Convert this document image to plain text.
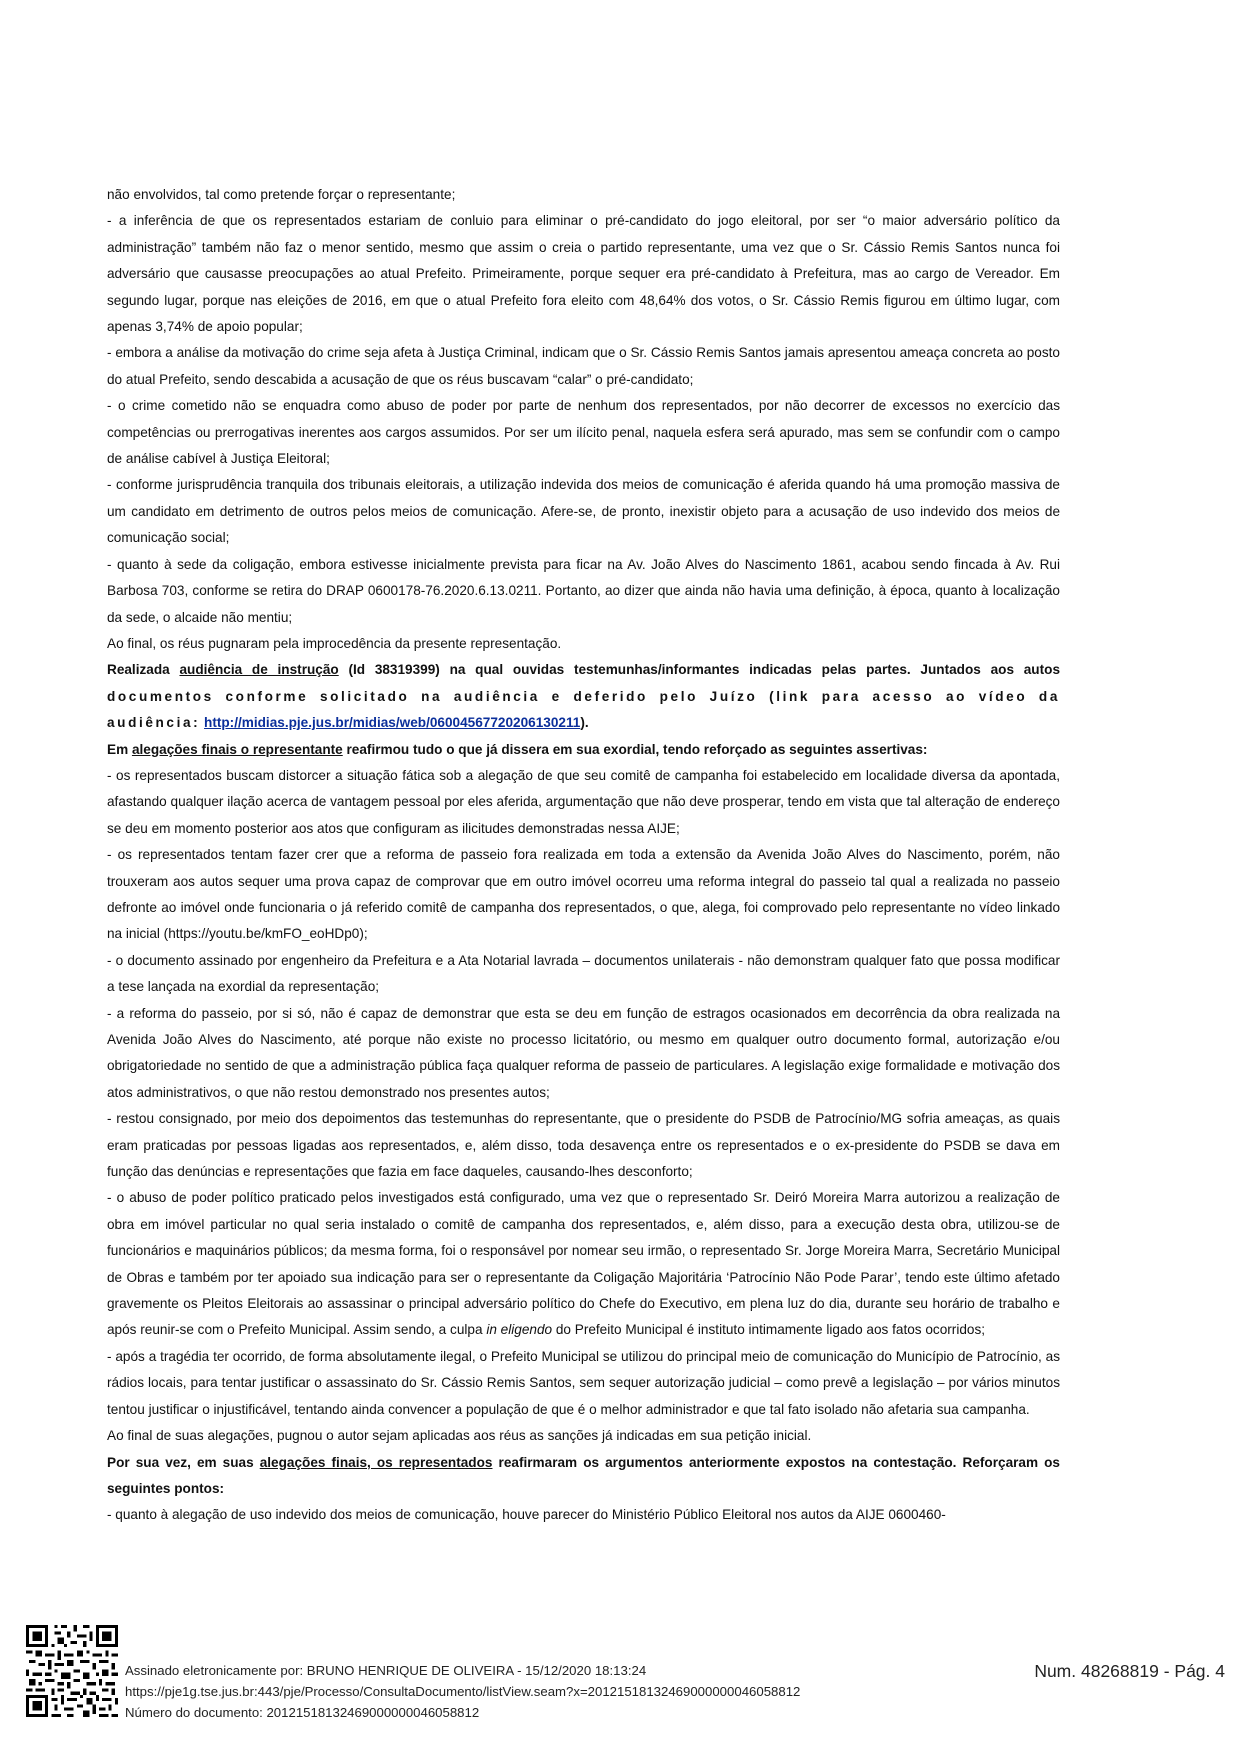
não envolvidos, tal como pretende forçar o representante;

- a inferência de que os representados estariam de conluio para eliminar o pré-candidato do jogo eleitoral, por ser “o maior adversário político da administração” também não faz o menor sentido, mesmo que assim o creia o partido representante, uma vez que o Sr. Cássio Remis Santos nunca foi adversário que causasse preocupações ao atual Prefeito. Primeiramente, porque sequer era pré-candidato à Prefeitura, mas ao cargo de Vereador. Em segundo lugar, porque nas eleições de 2016, em que o atual Prefeito fora eleito com 48,64% dos votos, o Sr. Cássio Remis figurou em último lugar, com apenas 3,74% de apoio popular;

- embora a análise da motivação do crime seja afeta à Justiça Criminal, indicam que o Sr. Cássio Remis Santos jamais apresentou ameaça concreta ao posto do atual Prefeito, sendo descabida a acusação de que os réus buscavam “calar” o pré-candidato;

- o crime cometido não se enquadra como abuso de poder por parte de nenhum dos representados, por não decorrer de excessos no exercício das competências ou prerrogativas inerentes aos cargos assumidos. Por ser um ilícito penal, naquela esfera será apurado, mas sem se confundir com o campo de análise cabível à Justiça Eleitoral;

- conforme jurisprudência tranquila dos tribunais eleitorais, a utilização indevida dos meios de comunicação é aferida quando há uma promoção massiva de um candidato em detrimento de outros pelos meios de comunicação. Afere-se, de pronto, inexistir objeto para a acusação de uso indevido dos meios de comunicação social;

- quanto à sede da coligação, embora estivesse inicialmente prevista para ficar na Av. João Alves do Nascimento 1861, acabou sendo fincada à Av. Rui Barbosa 703, conforme se retira do DRAP 0600178-76.2020.6.13.0211. Portanto, ao dizer que ainda não havia uma definição, à época, quanto à localização da sede, o alcaide não mentiu;

Ao final, os réus pugnaram pela improcedência da presente representação.

Realizada audiência de instrução (Id 38319399) na qual ouvidas testemunhas/informantes indicadas pelas partes. Juntados aos autos documentos conforme solicitado na audiência e deferido pelo Juízo (link para acesso ao vídeo da audiência: http://midias.pje.jus.br/midias/web/06004567720206130211).

Em alegações finais o representante reafirmou tudo o que já dissera em sua exordial, tendo reforçado as seguintes assertivas:

- os representados buscam distorcer a situação fática sob a alegação de que seu comitê de campanha foi estabelecido em localidade diversa da apontada, afastando qualquer ilação acerca de vantagem pessoal por eles aferida, argumentação que não deve prosperar, tendo em vista que tal alteração de endereço se deu em momento posterior aos atos que configuram as ilicitudes demonstradas nessa AIJE;

- os representados tentam fazer crer que a reforma de passeio fora realizada em toda a extensão da Avenida João Alves do Nascimento, porém, não trouxeram aos autos sequer uma prova capaz de comprovar que em outro imóvel ocorreu uma reforma integral do passeio tal qual a realizada no passeio defronte ao imóvel onde funcionaria o já referido comitê de campanha dos representados, o que, alega, foi comprovado pelo representante no vídeo linkado na inicial (https://youtu.be/kmFO_eoHDp0);

- o documento assinado por engenheiro da Prefeitura e a Ata Notarial lavrada – documentos unilaterais - não demonstram qualquer fato que possa modificar a tese lançada na exordial da representação;

- a reforma do passeio, por si só, não é capaz de demonstrar que esta se deu em função de estragos ocasionados em decorrência da obra realizada na Avenida João Alves do Nascimento, até porque não existe no processo licitatório, ou mesmo em qualquer outro documento formal, autorização e/ou obrigatoriedade no sentido de que a administração pública faça qualquer reforma de passeio de particulares. A legislação exige formalidade e motivação dos atos administrativos, o que não restou demonstrado nos presentes autos;

- restou consignado, por meio dos depoimentos das testemunhas do representante, que o presidente do PSDB de Patrocínio/MG sofria ameaças, as quais eram praticadas por pessoas ligadas aos representados, e, além disso, toda desavença entre os representados e o ex-presidente do PSDB se dava em função das denúncias e representações que fazia em face daqueles, causando-lhes desconforto;

- o abuso de poder político praticado pelos investigados está configurado, uma vez que o representado Sr. Deiró Moreira Marra autorizou a realização de obra em imóvel particular no qual seria instalado o comitê de campanha dos representados, e, além disso, para a execução desta obra, utilizou-se de funcionários e maquinários públicos; da mesma forma, foi o responsável por nomear seu irmão, o representado Sr. Jorge Moreira Marra, Secretário Municipal de Obras e também por ter apoiado sua indicação para ser o representante da Coligação Majoritária ‘Patrocínio Não Pode Parar’, tendo este último afetado gravemente os Pleitos Eleitorais ao assassinar o principal adversário político do Chefe do Executivo, em plena luz do dia, durante seu horário de trabalho e após reunir-se com o Prefeito Municipal. Assim sendo, a culpa in eligendo do Prefeito Municipal é instituto intimamente ligado aos fatos ocorridos;

- após a tragédia ter ocorrido, de forma absolutamente ilegal, o Prefeito Municipal se utilizou do principal meio de comunicação do Município de Patrocínio, as rádios locais, para tentar justificar o assassinato do Sr. Cássio Remis Santos, sem sequer autorização judicial – como prevê a legislação – por vários minutos tentou justificar o injustificável, tentando ainda convencer a população de que é o melhor administrador e que tal fato isolado não afetaria sua campanha.

Ao final de suas alegações, pugnou o autor sejam aplicadas aos réus as sanções já indicadas em sua petição inicial.

Por sua vez, em suas alegações finais, os representados reafirmaram os argumentos anteriormente expostos na contestação. Reforçaram os seguintes pontos:

- quanto à alegação de uso indevido dos meios de comunicação, houve parecer do Ministério Público Eleitoral nos autos da AIJE 0600460-

Assinado eletronicamente por: BRUNO HENRIQUE DE OLIVEIRA - 15/12/2020 18:13:24
https://pje1g.tse.jus.br:443/pje/Processo/ConsultaDocumento/listView.seam?x=20121518132469000000046058812
Número do documento: 20121518132469000000046058812
Num. 48268819 - Pág. 4
